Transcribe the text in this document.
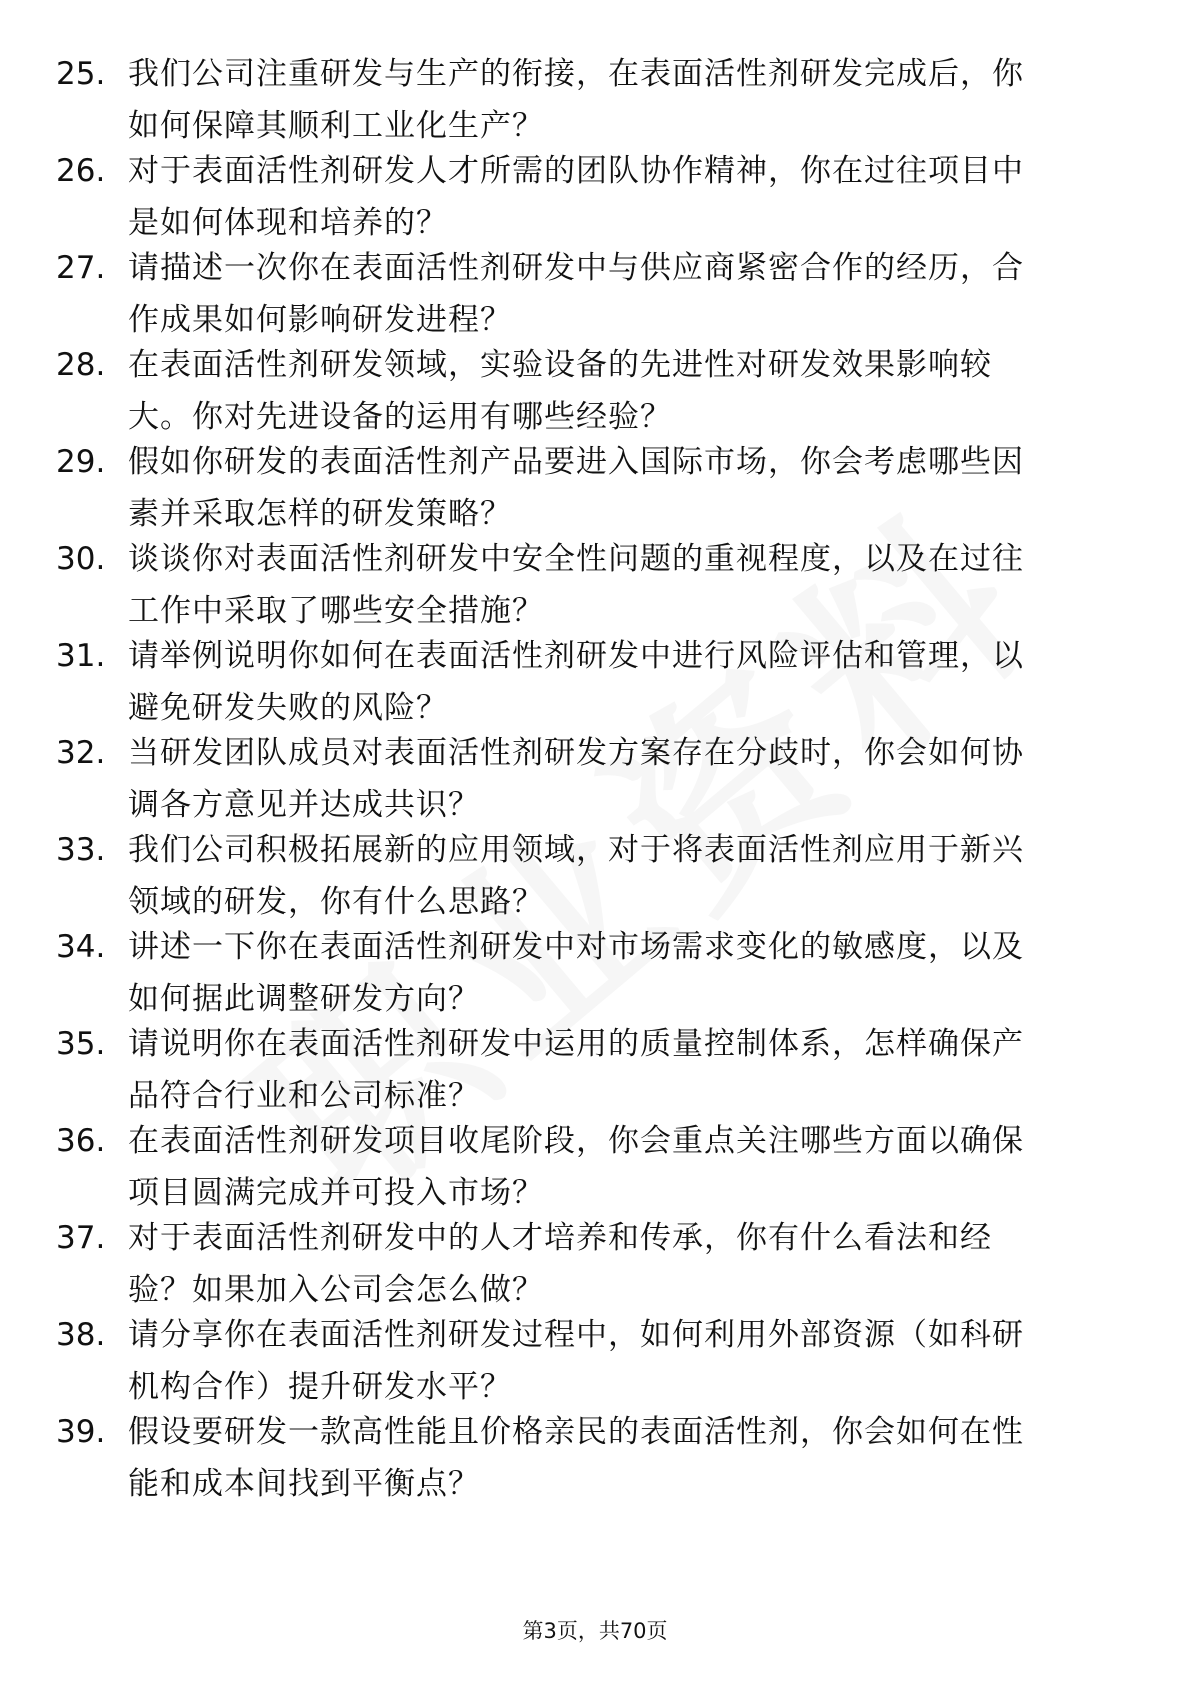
25. 我们公司注重研发与生产的衔接，在表面活性剂研发完成后，你
如何保障其顺利工业化生产？
26. 对于表面活性剂研发人才所需的团队协作精神，你在过往项目中
是如何体现和培养的？
27. 请描述一次你在表面活性剂研发中与供应商紧密合作的经历，合
作成果如何影响研发进程？
28. 在表面活性剂研发领域，实验设备的先进性对研发效果影响较
大。你对先进设备的运用有哪些经验？
29. 假如你研发的表面活性剂产品要进入国际市场，你会考虑哪些因
素并采取怎样的研发策略？
30. 谈谈你对表面活性剂研发中安全性问题的重视程度，以及在过往
工作中采取了哪些安全措施？
31. 请举例说明你如何在表面活性剂研发中进行风险评估和管理，以
避免研发失败的风险？
32. 当研发团队成员对表面活性剂研发方案存在分歧时，你会如何协
调各方意见并达成共识？
33. 我们公司积极拓展新的应用领域，对于将表面活性剂应用于新兴
领域的研发，你有什么思路？
34. 讲述一下你在表面活性剂研发中对市场需求变化的敏感度，以及
如何据此调整研发方向？
35. 请说明你在表面活性剂研发中运用的质量控制体系，怎样确保产
品符合行业和公司标准？
36. 在表面活性剂研发项目收尾阶段，你会重点关注哪些方面以确保
项目圆满完成并可投入市场？
37. 对于表面活性剂研发中的人才培养和传承，你有什么看法和经
验？如果加入公司会怎么做？
38. 请分享你在表面活性剂研发过程中，如何利用外部资源（如科研
机构合作）提升研发水平？
39. 假设要研发一款高性能且价格亲民的表面活性剂，你会如何在性
能和成本间找到平衡点？
第3页，共70页
